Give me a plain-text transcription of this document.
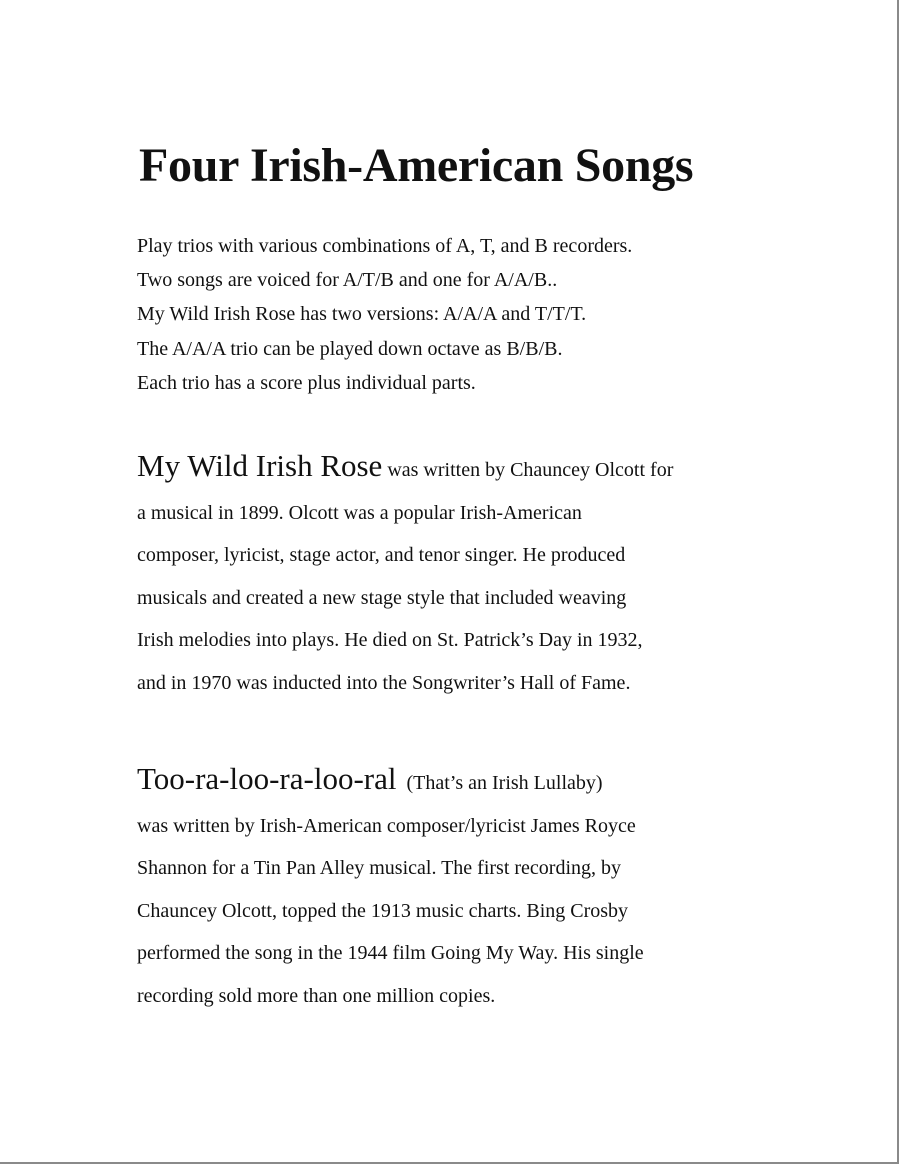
Four Irish-American Songs
Play trios with various combinations of A, T, and B recorders.
Two songs are voiced for A/T/B and one for A/A/B..
My Wild Irish Rose has two versions: A/A/A and T/T/T.
The A/A/A trio can be played down octave as B/B/B.
Each trio has a score plus individual parts.
My Wild Irish Rose was written by Chauncey Olcott for
a musical in 1899. Olcott was a popular Irish-American
composer, lyricist, stage actor, and tenor singer. He produced
musicals and created a new stage style that included weaving
Irish melodies into plays. He died on St. Patrick’s Day in 1932,
and in 1970 was inducted into the Songwriter’s Hall of Fame.
Too-ra-loo-ra-loo-ral (That’s an Irish Lullaby)
was written by Irish-American composer/lyricist James Royce
Shannon for a Tin Pan Alley musical. The first recording, by
Chauncey Olcott, topped the 1913 music charts. Bing Crosby
performed the song in the 1944 film Going My Way. His single
recording sold more than one million copies.
